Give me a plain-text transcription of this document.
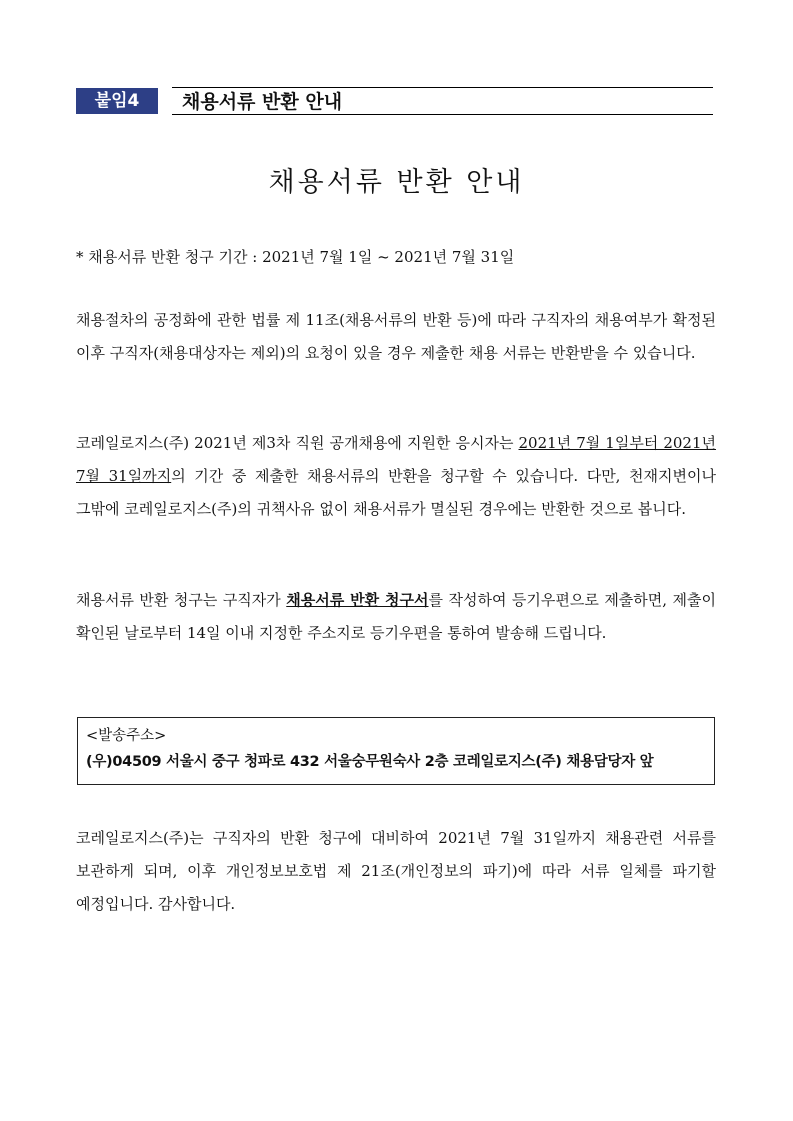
붙임4	채용서류 반환 안내
채용서류 반환 안내
* 채용서류 반환 청구 기간 : 2021년 7월 1일 ~ 2021년 7월 31일
채용절차의 공정화에 관한 법률 제 11조(채용서류의 반환 등)에 따라 구직자의 채용여부가 확정된 이후 구직자(채용대상자는 제외)의 요청이 있을 경우 제출한 채용 서류는 반환받을 수 있습니다.
코레일로지스(주) 2021년 제3차 직원 공개채용에 지원한 응시자는 2021년 7월 1일부터 2021년 7월 31일까지의 기간 중 제출한 채용서류의 반환을 청구할 수 있습니다. 다만, 천재지변이나 그밖에 코레일로지스(주)의 귀책사유 없이 채용서류가 멸실된 경우에는 반환한 것으로 봅니다.
채용서류 반환 청구는 구직자가 채용서류 반환 청구서를 작성하여 등기우편으로 제출하면, 제출이 확인된 날로부터 14일 이내 지정한 주소지로 등기우편을 통하여 발송해 드립니다.
<발송주소>
(우)04509 서울시 중구 청파로 432 서울숭무원숙사 2층 코레일로지스(주) 채용담당자 앞
코레일로지스(주)는 구직자의 반환 청구에 대비하여 2021년 7월 31일까지 채용관련 서류를 보관하게 되며, 이후 개인정보보호법 제 21조(개인정보의 파기)에 따라 서류 일체를 파기할 예정입니다. 감사합니다.
